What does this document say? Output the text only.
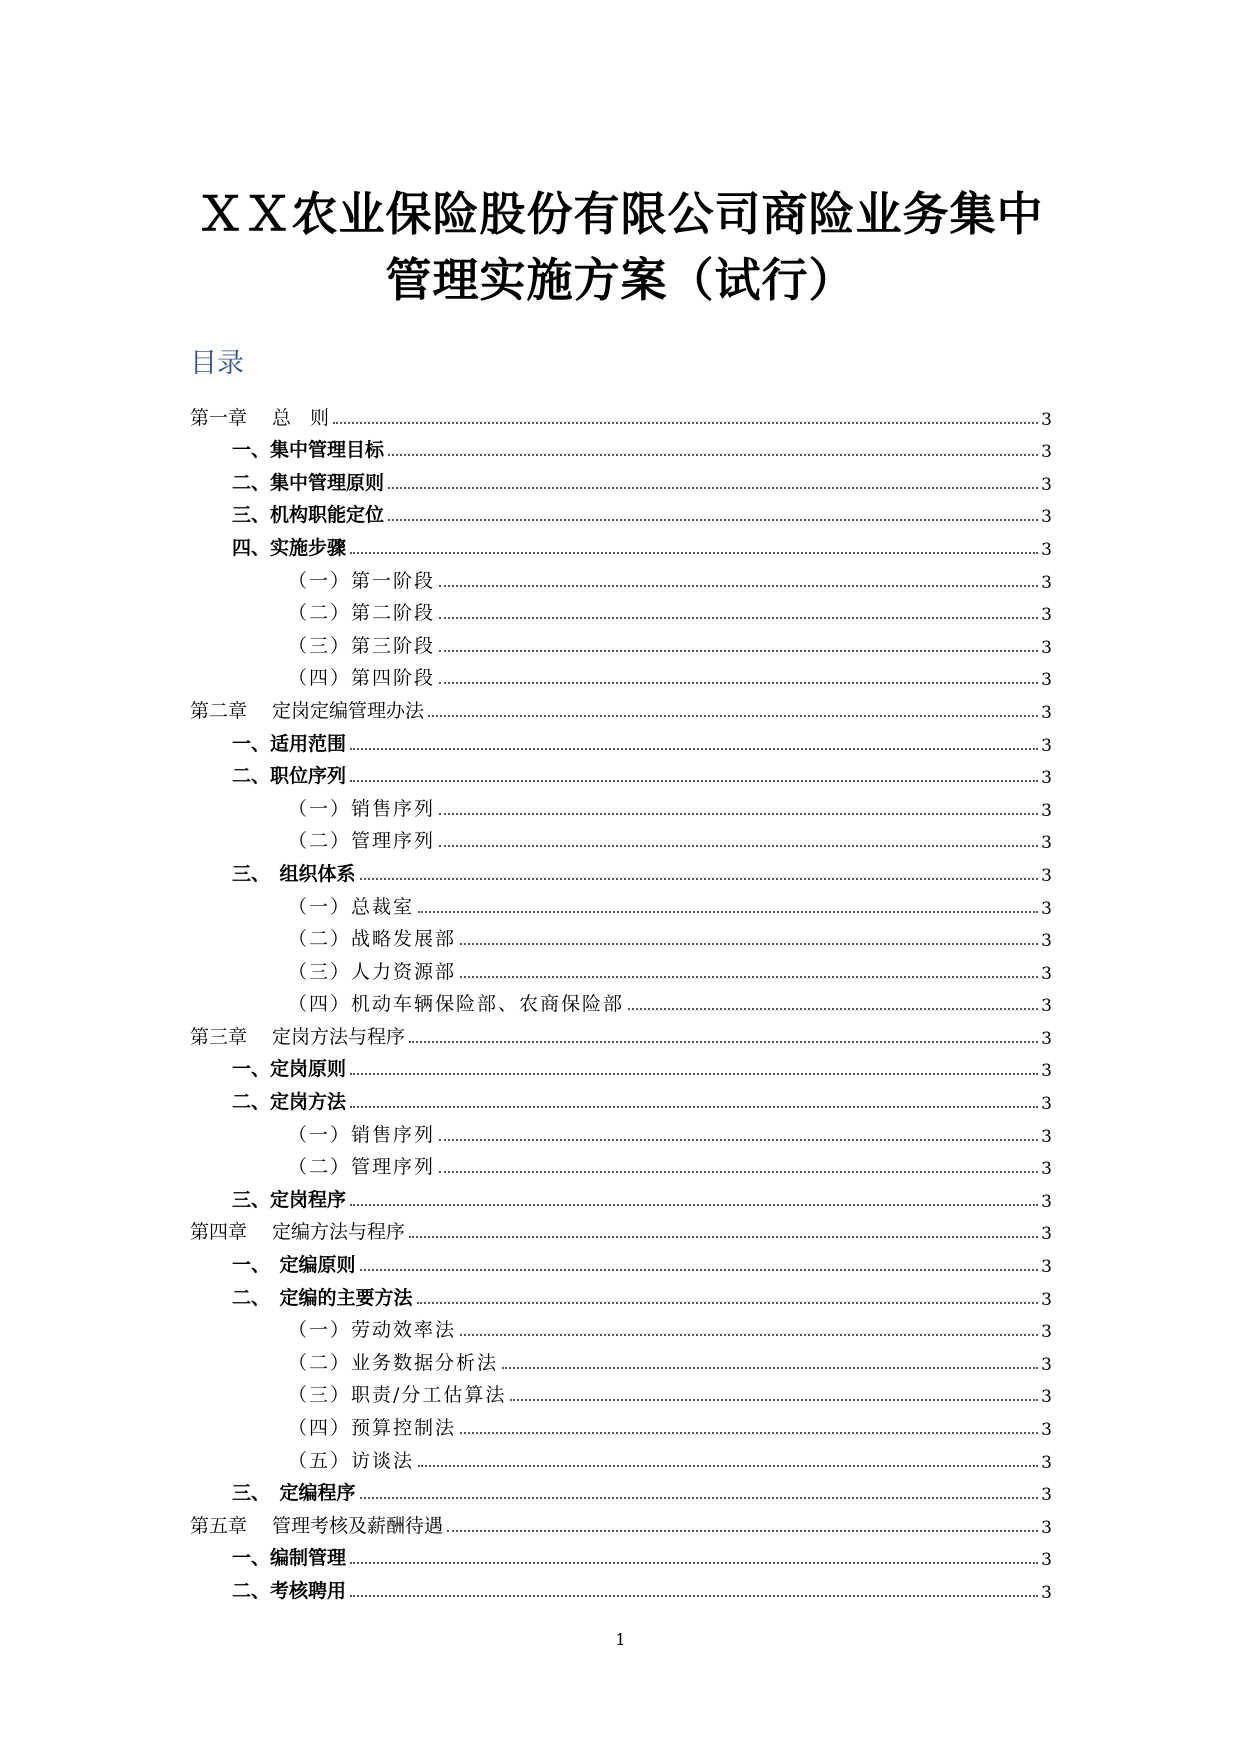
ＸＸ农业保险股份有限公司商险业务集中
管理实施方案（试行）
目录
第一章　 总　则	3
一、集中管理目标	3
二、集中管理原则	3
三、机构职能定位	3
四、实施步骤	3
（一）第一阶段	3
（二）第二阶段	3
（三）第三阶段	3
（四）第四阶段	3
第二章　 定岗定编管理办法	3
一、适用范围	3
二、职位序列	3
（一）销售序列	3
（二）管理序列	3
三、　组织体系	3
（一）总裁室	3
（二）战略发展部	3
（三）人力资源部	3
（四）机动车辆保险部、农商保险部	3
第三章　 定岗方法与程序	3
一、定岗原则	3
二、定岗方法	3
（一）销售序列	3
（二）管理序列	3
三、定岗程序	3
第四章　 定编方法与程序	3
一、　定编原则	3
二、　定编的主要方法	3
（一）劳动效率法	3
（二）业务数据分析法	3
（三）职责/分工估算法	3
（四）预算控制法	3
（五）访谈法	3
三、　定编程序	3
第五章　 管理考核及薪酬待遇	3
一、编制管理	3
二、考核聘用	3
1
